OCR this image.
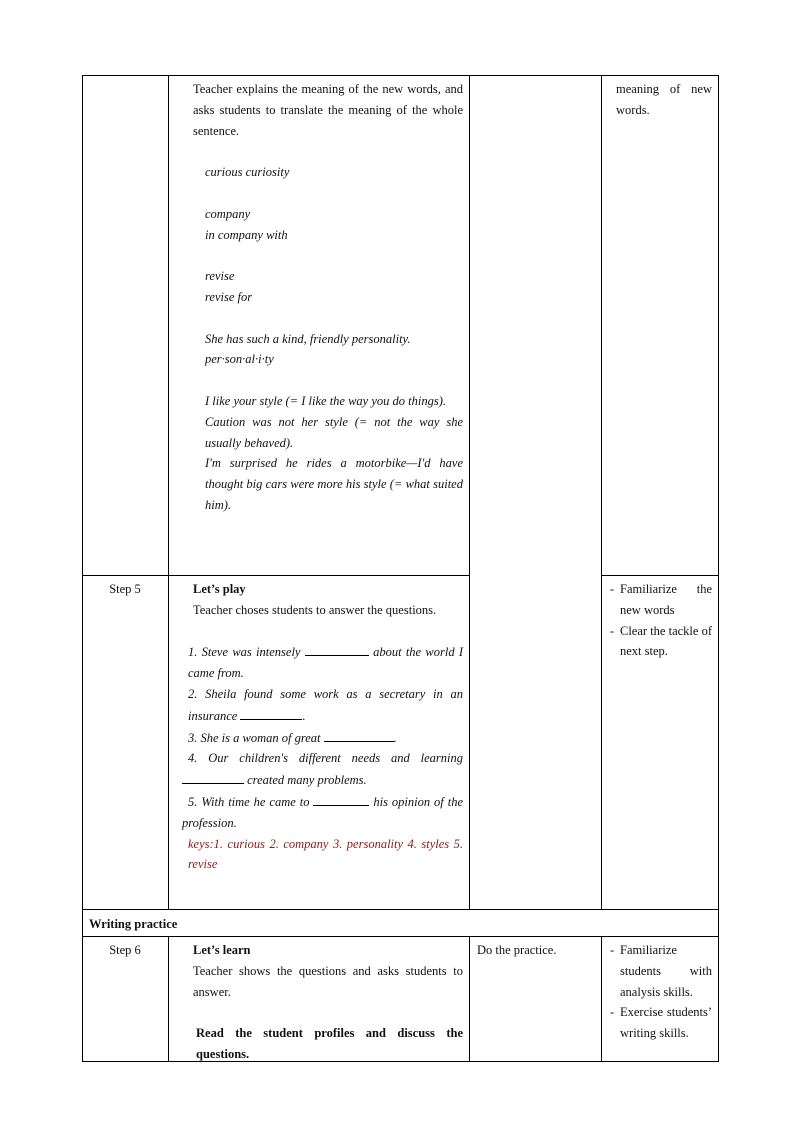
Teacher explains the meaning of the new words, and asks students to translate the meaning of the whole sentence.
curious curiosity
company
in company with
revise
revise for
She has such a kind, friendly personality.
per·son·al·i·ty
I like your style (= I like the way you do things).
Caution was not her style (= not the way she usually behaved).
I'm surprised he rides a motorbike—I'd have thought big cars were more his style (= what suited him).
meaning of new words.
Step 5	Let’s play
Teacher choses students to answer the questions.
1. Steve was intensely	about the world I came from.
2. Sheila found some work as a secretary in an insurance	.
3. She is a woman of great	.
4. Our children's different needs and learning  created many problems.
5. With time he came to	his opinion of the profession.
keys:1. curious 2. company 3. personality 4. styles 5. revise
- Familiarize the new words
- Clear the tackle of next step.
Writing practice
Step 6	Let’s learn
Teacher shows the questions and asks students to answer.
Read the student profiles and discuss the questions.
Do the practice.
-	Familiarize students with analysis skills.
- Exercise students’ writing skills.
